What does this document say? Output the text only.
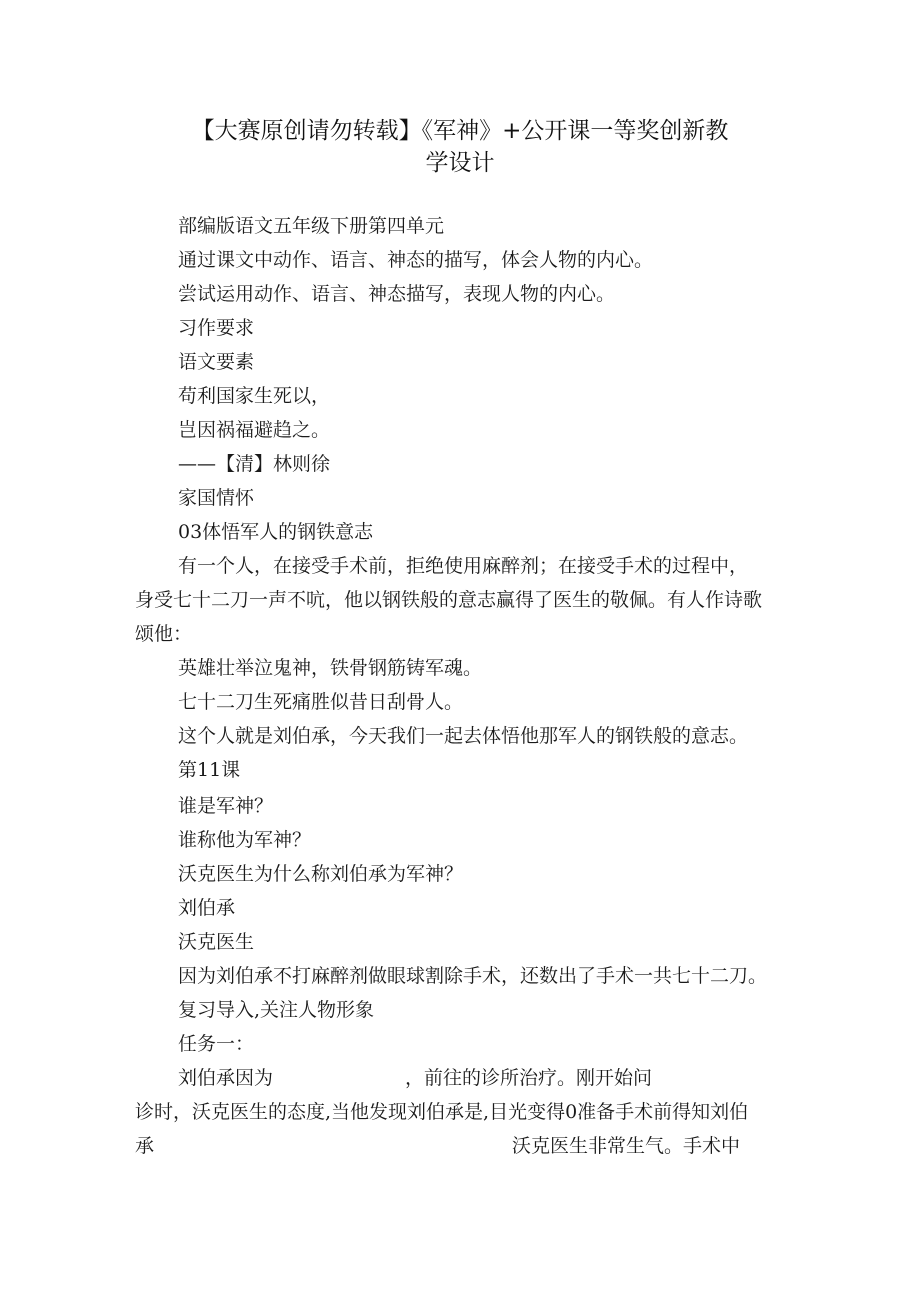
【大赛原创请勿转载】《军神》+公开课一等奖创新教
学设计

部编版语文五年级下册第四单元

通过课文中动作、语言、神态的描写，体会人物的内心。

尝试运用动作、语言、神态描写，表现人物的内心。

习作要求

语文要素

苟利国家生死以，

岂因祸福避趋之。

——【清】林则徐

家国情怀

03体悟军人的钢铁意志

有一个人，在接受手术前，拒绝使用麻醉剂；在接受手术的过程中，

身受七十二刀一声不吭，他以钢铁般的意志赢得了医生的敬佩。有人作诗歌

颂他：

英雄壮举泣鬼神，铁骨钢筋铸军魂。

七十二刀生死痛胜似昔日刮骨人。

这个人就是刘伯承，今天我们一起去体悟他那军人的钢铁般的意志。

第11课

谁是军神？

谁称他为军神？

沃克医生为什么称刘伯承为军神？

刘伯承

沃克医生

因为刘伯承不打麻醉剂做眼球割除手术，还数出了手术一共七十二刀。

复习导入,关注人物形象

任务一：

刘伯承因为	，前往的诊所治疗。刚开始问

诊时，沃克医生的态度,当他发现刘伯承是,目光变得0准备手术前得知刘伯

承	沃克医生非常生气。手术中
